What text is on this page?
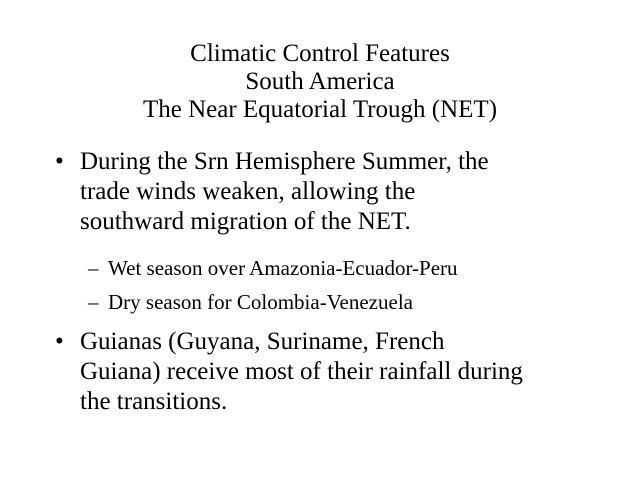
Climatic Control Features
South America
The Near Equatorial Trough (NET)
• During the Srn Hemisphere Summer, the
trade winds weaken, allowing the
southward migration of the NET.
– Wet season over Amazonia-Ecuador-Peru
– Dry season for Colombia-Venezuela
• Guianas (Guyana, Suriname, French
Guiana) receive most of their rainfall during
the transitions.
